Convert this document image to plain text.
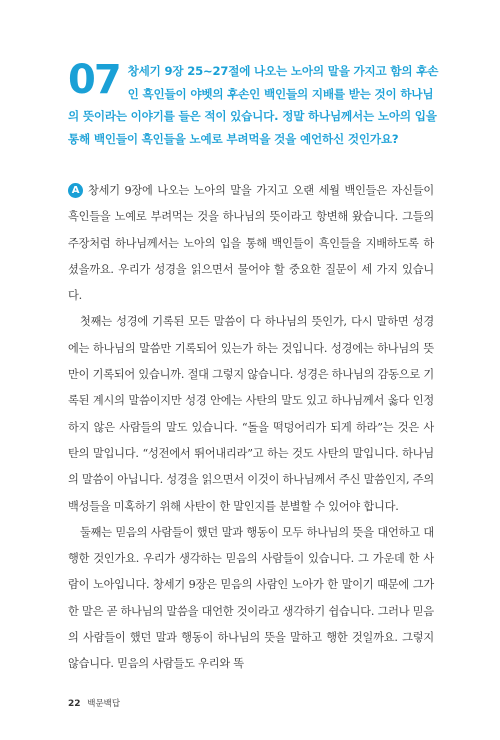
07 창세기 9장 25~27절에 나오는 노아의 말을 가지고 함의 후손인 흑인들이 야벳의 후손인 백인들의 지배를 받는 것이 하나님의 뜻이라는 이야기를 들은 적이 있습니다. 정말 하나님께서는 노아의 입을 통해 백인들이 흑인들을 노예로 부려먹을 것을 예언하신 것인가요?

A 창세기 9장에 나오는 노아의 말을 가지고 오랜 세월 백인들은 자신들이 흑인들을 노예로 부려먹는 것을 하나님의 뜻이라고 항변해 왔습니다. 그들의 주장처럼 하나님께서는 노아의 입을 통해 백인들이 흑인들을 지배하도록 하셨을까요. 우리가 성경을 읽으면서 물어야 할 중요한 질문이 세 가지 있습니다.

첫째는 성경에 기록된 모든 말씀이 다 하나님의 뜻인가, 다시 말하면 성경에는 하나님의 말씀만 기록되어 있는가 하는 것입니다. 성경에는 하나님의 뜻만이 기록되어 있습니까. 절대 그렇지 않습니다. 성경은 하나님의 감동으로 기록된 계시의 말씀이지만 성경 안에는 사탄의 말도 있고 하나님께서 옳다 인정하지 않은 사람들의 말도 있습니다. “돌을 떡덩어리가 되게 하라”는 것은 사탄의 말입니다. “성전에서 뛰어내리라”고 하는 것도 사탄의 말입니다. 하나님의 말씀이 아닙니다. 성경을 읽으면서 이것이 하나님께서 주신 말씀인지, 주의 백성들을 미혹하기 위해 사탄이 한 말인지를 분별할 수 있어야 합니다.

둘째는 믿음의 사람들이 했던 말과 행동이 모두 하나님의 뜻을 대언하고 대행한 것인가요. 우리가 생각하는 믿음의 사람들이 있습니다. 그 가운데 한 사람이 노아입니다. 창세기 9장은 믿음의 사람인 노아가 한 말이기 때문에 그가 한 말은 곧 하나님의 말씀을 대언한 것이라고 생각하기 쉽습니다. 그러나 믿음의 사람들이 했던 말과 행동이 하나님의 뜻을 말하고 행한 것일까요. 그렇지 않습니다. 믿음의 사람들도 우리와 똑

22 백문백답
